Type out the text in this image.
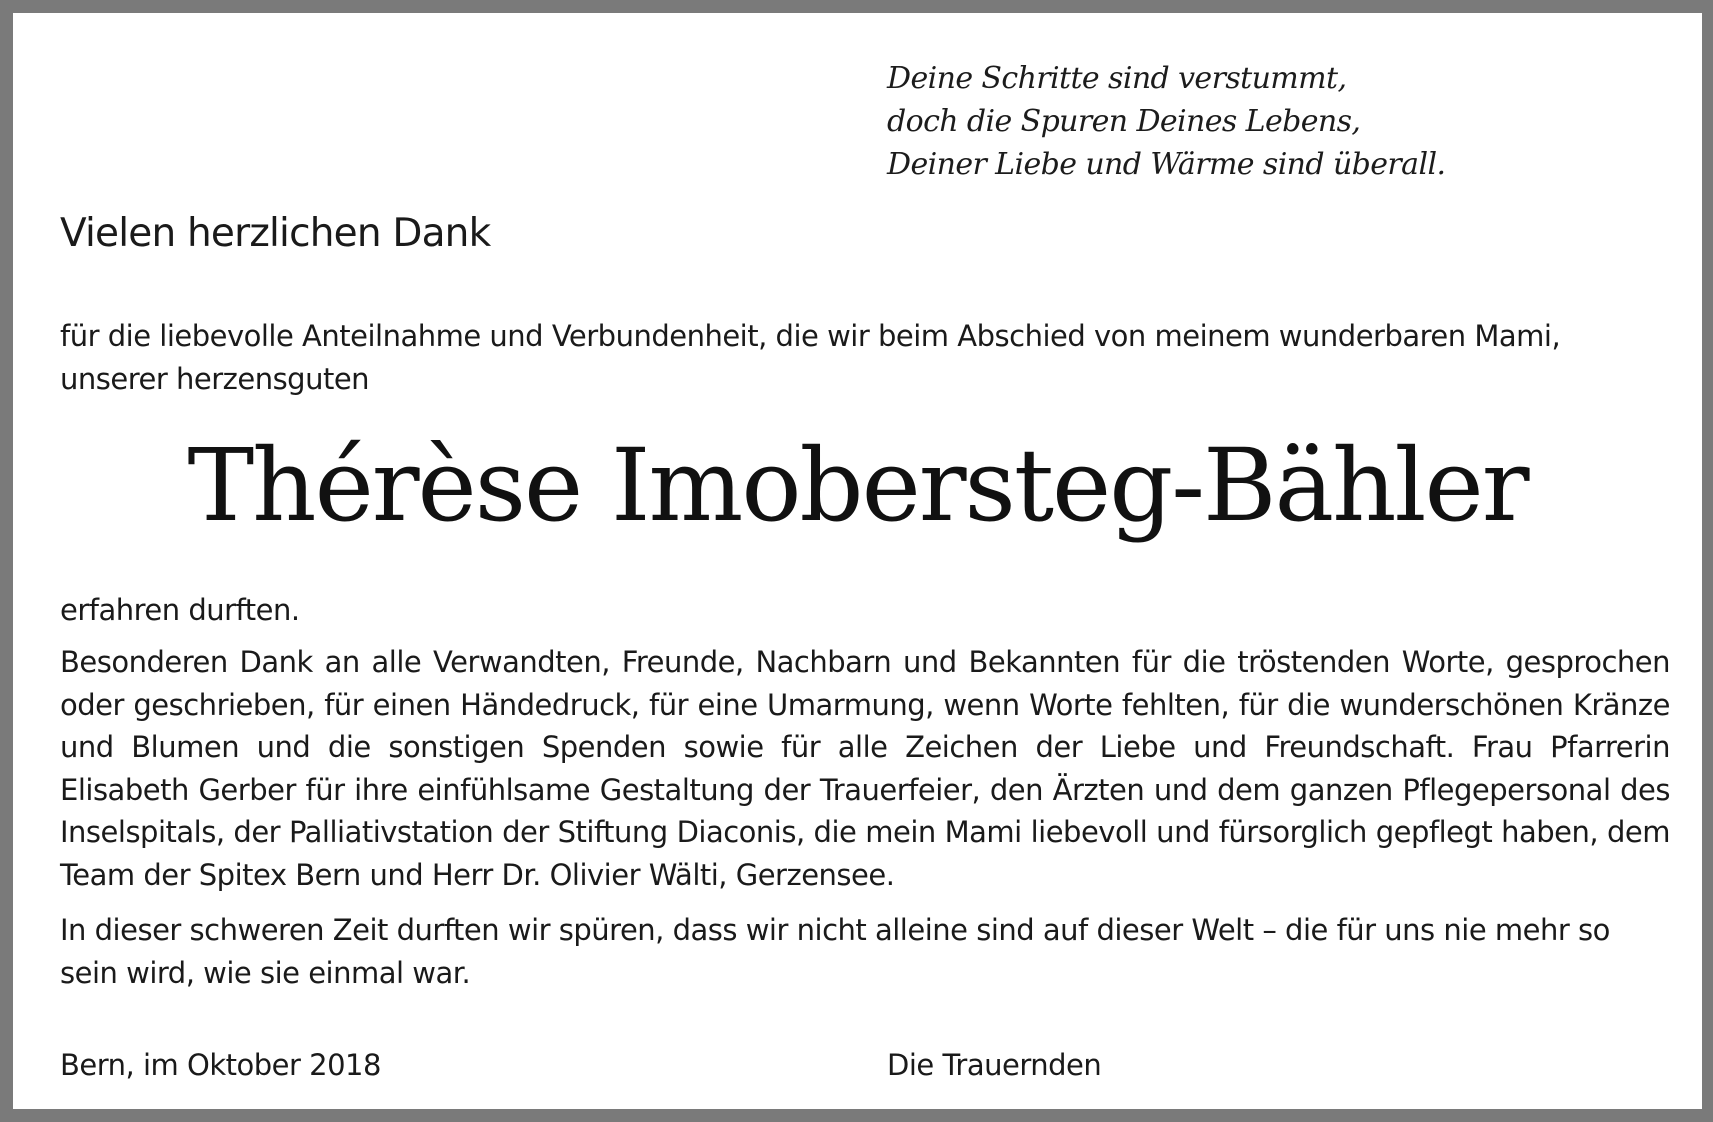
Deine Schritte sind verstummt,
doch die Spuren Deines Lebens,
Deiner Liebe und Wärme sind überall.
Vielen herzlichen Dank
für die liebevolle Anteilnahme und Verbundenheit, die wir beim Abschied von meinem wunderbaren Mami,
unserer herzensguten
Thérèse Imobersteg-Bähler
erfahren durften.
Besonderen Dank an alle Verwandten, Freunde, Nachbarn und Bekannten für die tröstenden Worte, gesprochen oder geschrieben, für einen Händedruck, für eine Umarmung, wenn Worte fehlten, für die wunderschönen Kränze und Blumen und die sonstigen Spenden sowie für alle Zeichen der Liebe und Freundschaft. Frau Pfarrerin Elisabeth Gerber für ihre einfühlsame Gestaltung der Trauerfeier, den Ärzten und dem ganzen Pflegepersonal des Inselspitals, der Palliativstation der Stiftung Diaconis, die mein Mami liebevoll und fürsorglich gepflegt haben, dem Team der Spitex Bern und Herr Dr. Olivier Wälti, Gerzensee.
In dieser schweren Zeit durften wir spüren, dass wir nicht alleine sind auf dieser Welt – die für uns nie mehr so sein wird, wie sie einmal war.
Bern, im Oktober 2018	Die Trauernden
